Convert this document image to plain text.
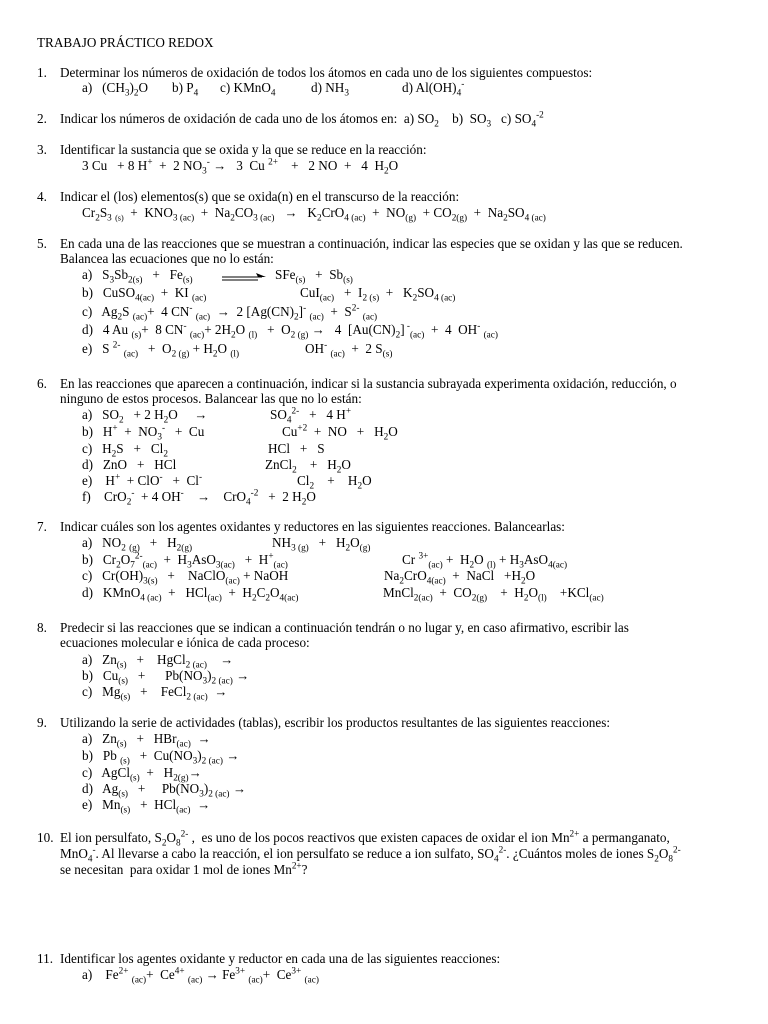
TRABAJO PRÁCTICO REDOX
1. Determinar los números de oxidación de todos los átomos en cada uno de los siguientes compuestos:
a)   $(CH_3)_2O$ b) $P_4$ c) KMnO$_4$	d) $NH_3$	d) $Al(OH)_4^-$
2. Indicar los números de oxidación de cada uno de los átomos en:  a) $SO_2$    b)  $SO_3$   c) $SO_4^{-2}$
3. Identificar la sustancia que se oxida y la que se reduce en la reacción:
3 Cu   + 8 H+  +  2 $NO_3^- \to 3$  Cu $^{2+}$    +   2 NO  +   4  $H_2O$
4. Indicar el (los) elementos(s) que se oxida(n) en el transcurso de la reacción:
$Cr_2S_3$ $_{(s)} + KNO_{3 (ac)} + Na_2CO_{3 (ac)} \to K_2CrO_{4 (ac)} + NO_{(g)} + CO_{2(g)} + Na_2SO_{4 (ac)}$
5. En cada una de las reacciones que se muestran a continuación, indicar las especies que se oxidan y las que se reducen.
Balancea las ecuaciones que no lo están:
a)   $S_3Sb_{2(s)} + Fe_{(s)}$	$SFe_{(s)} + Sb_{(s)}$
b)   CuSO$_{4(ac)}$  +  KI $_{(ac)}$	$CuI_{(ac)} + I_{2 (s)} + K_2SO_{4 (ac)}$
c)   $Ag_2S$ $_{(ac)}$+  4 CN- $_{(ac)}$  →  2 $[Ag(CN)_2]^-$ $_{(ac)} + S^{2-}$ $_{(ac)}$
d)   4 Au $_{(s)}$+  8 CN- $_{(ac)}+ 2H_2O$ $_{(l)} + O_{2 (g)} \to 4$  $[Au(CN)_2] ^-_{(ac)} + 4$  OH- $_{(ac)}$
e)   S $^{2-}$ $_{(ac)} + O_{2 (g)} + H_2O$ $_{(l)}$	OH- $_{(ac)}$  +  2 $S_{(s)}$
6. En las reacciones que aparecen a continuación, indicar si la sustancia subrayada experimenta oxidación, reducción, o
ninguno de estos procesos. Balancear las que no lo están:
a)   $SO_2 + 2$ $H_2O$     →	$SO_4^{2-} + 4$ H+
b)   $H^+ + NO_3^- + Cu$	$Cu^{+2}$  +  NO   +   $H_2O$
c)   $H_2S + Cl_2$	HCl   +   S
d)   ZnO   +   HCl	ZnCl$_2$    +   $H_2O$
e)    H+  + ClO-   +  Cl-	$Cl_2$    +    $H_2O$
f)    CrO$_2$-  + 4 OH-    →    CrO$_4^{-2}$   +  2 $H_2O$
7. Indicar cuáles son los agentes oxidantes y reductores en las siguientes reacciones. Balancearlas:
a)   $NO_2$ $_{(g)} + H_{2(g)}$	$NH_{3 (g)} + H_2O_{(g)}$
b)   $Cr_2O_7^{2-}_{(ac)} + H_3AsO_{3(ac)} + H^+_{(ac)}$	Cr $^{3+}_{(ac)} + H_2O$ $_{(l)} + H_3AsO_{4(ac)}$
c)   $Cr(OH)_{3(s)}$   +    NaClO$_{(ac)}$ + NaOH	$Na_2CrO_{4(ac)}$  +  NaCl   $+H_2O$
d)   KMnO$_{4 (ac)}$  +   $HCl_{(ac)} + H_2C_2O_{4(ac)}$	MnCl$_{2(ac)}$  +  $CO_{2(g)}$    +  $H_2O_{(l)}$    +KCl$_{(ac)}$
8. Predecir si las reacciones que se indican a continuación tendrán o no lugar y, en caso afirmativo, escribir las
ecuaciones molecular e iónica de cada proceso:
a)   $Zn_{(s)}$   +    HgCl$_{2 (ac)}$    →
b)   $Cu_{(s)}$   +      $Pb(NO_3)_{2 (ac)}$ →
c)   $Mg_{(s)}$   +    FeCl$_{2 (ac)}$  →
9. Utilizando la serie de actividades (tablas), escribir los productos resultantes de las siguientes reacciones:
a)   $Zn_{(s)} + HBr_{(ac)}$  →
b)   Pb $_{(s)} + Cu(NO_3)_{2 (ac)}$ →
c)   AgCl$_{(s)}$  +   $H_{2(g)}\to$
d)   $Ag_{(s)}$   +     $Pb(NO_3)_{2 (ac)}$ →
e)   $Mn_{(s)} + HCl_{(ac)}$  →
10. El ion persulfato, $S_2O_8^{2-}$ ,  es uno de los pocos reactivos que existen capaces de oxidar el ion $Mn^{2+}$ a permanganato,
MnO$_4$-. Al llevarse a cabo la reacción, el ion persulfato se reduce a ion sulfato, $SO_4^{2-}$. ¿Cuántos moles de iones $S_2O_8^{2-}$
se necesitan  para oxidar 1 mol de iones $Mn^{2+}$?
11. Identificar los agentes oxidante y reductor en cada una de las siguientes reacciones:
a)    $Fe^{2+}$ $_{(ac)}+ Ce^{4+}$ $_{(ac)} \to Fe^{3+}$ $_{(ac)}+ Ce^{3+}$ $_{(ac)}$
